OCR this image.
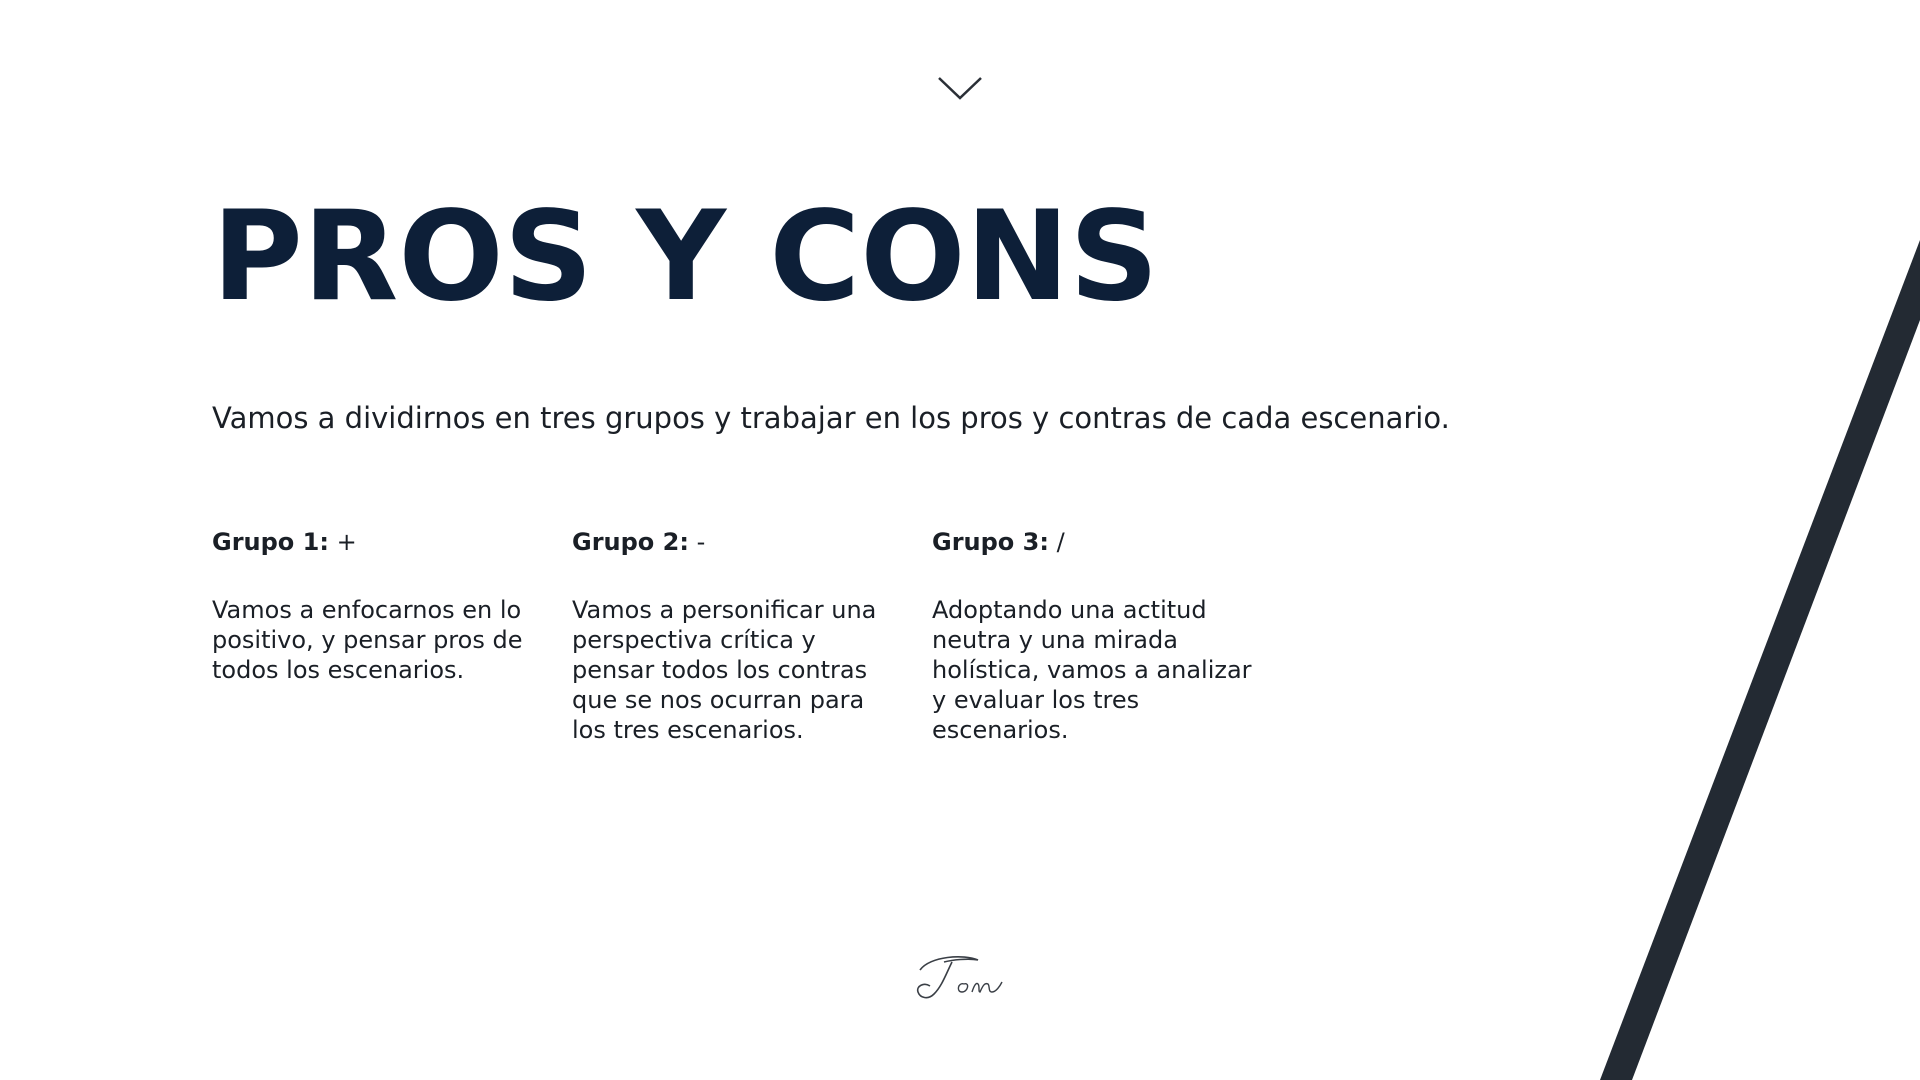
PROS Y CONS

Vamos a dividirnos en tres grupos y trabajar en los pros y contras de cada escenario.

Grupo 1: +

Vamos a enfocarnos en lo positivo, y pensar pros de todos los escenarios.

Grupo 2: -

Vamos a personificar una perspectiva crítica y pensar todos los contras que se nos ocurran para los tres escenarios.

Grupo 3: /

Adoptando una actitud neutra y una mirada holística, vamos a analizar y evaluar los tres escenarios.
